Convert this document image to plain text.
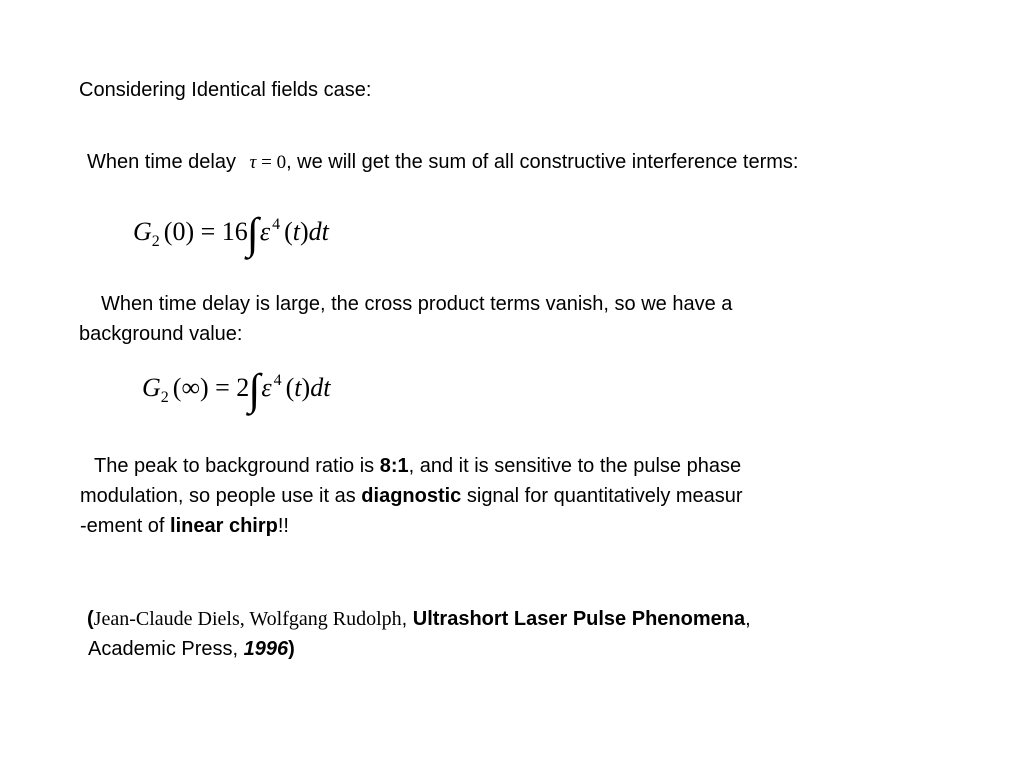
Considering Identical fields case:
When time delay τ = 0, we will get the sum of all constructive interference terms:
$G_2$ (0) = 16∫ε $^4$ (t)dt
When time delay is large, the cross product terms vanish, so we have a
background value:
$G_2$ (∞) = 2∫ε $^4$ (t)dt
The peak to background ratio is 8:1, and it is sensitive to the pulse phase
modulation, so people use it as diagnostic signal for quantitatively measur
-ement of linear chirp!!
(Jean-Claude Diels, Wolfgang Rudolph, Ultrashort Laser Pulse Phenomena,
Academic Press, 1996)
